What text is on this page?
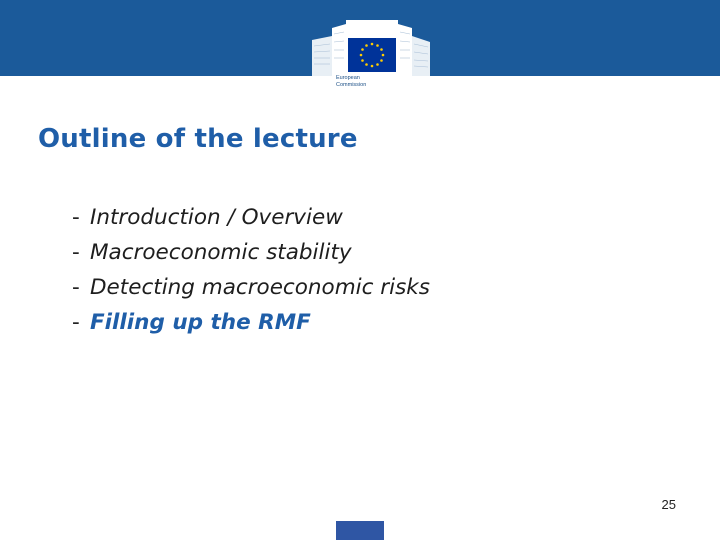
European
Commission
Outline of the lecture
- Introduction / Overview
- Macroeconomic stability
- Detecting macroeconomic risks
- Filling up the RMF
25
